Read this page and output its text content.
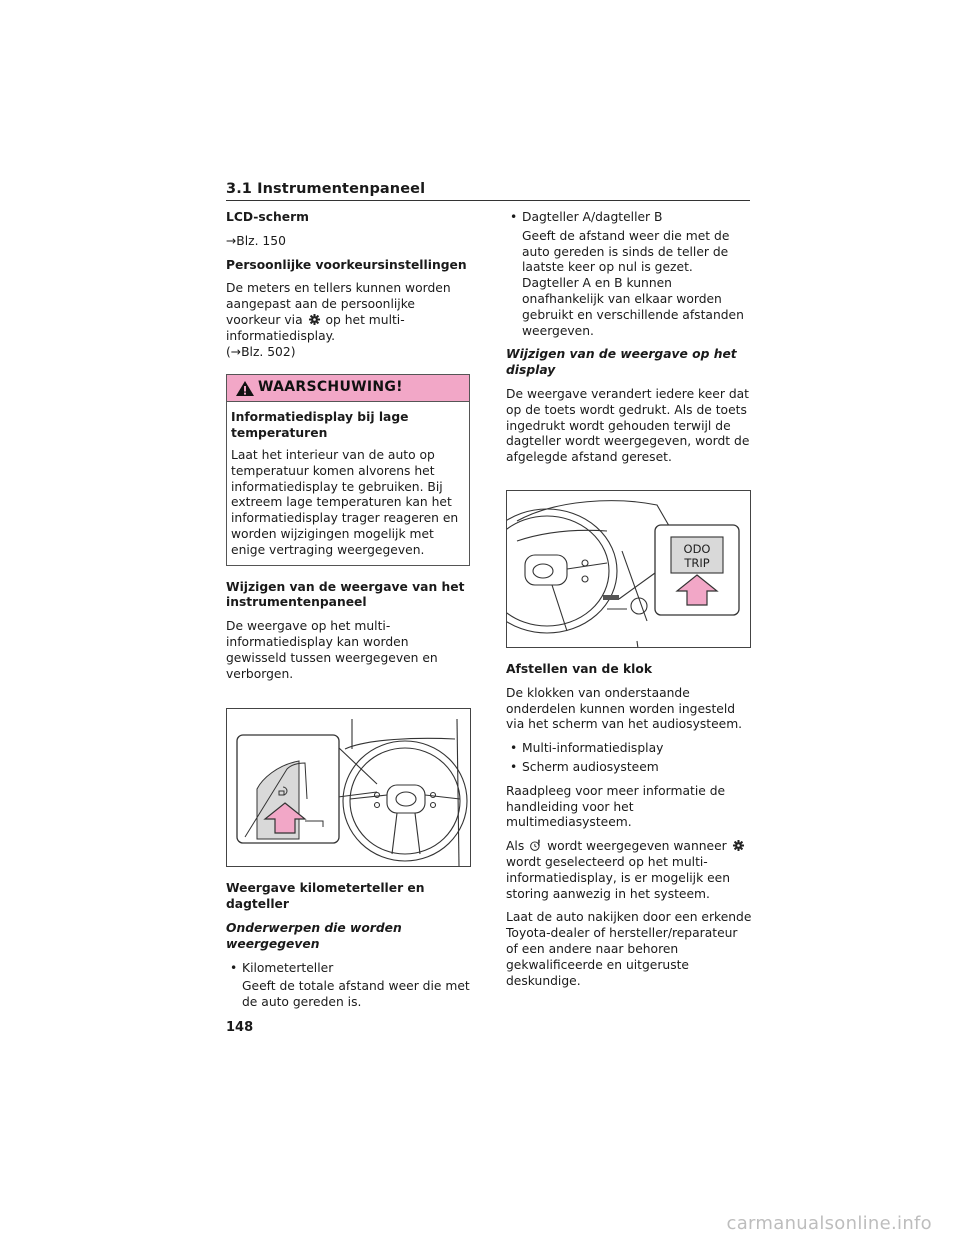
3.1 Instrumentenpaneel
LCD-scherm

→Blz. 150

Persoonlijke voorkeursinstellingen

De meters en tellers kunnen worden aangepast aan de persoonlijke voorkeur via op het multi-informatiedisplay.
(→Blz. 502)

WAARSCHUWING!
Informatiedisplay bij lage temperaturen
Laat het interieur van de auto op temperatuur komen alvorens het informatiedisplay te gebruiken. Bij extreem lage temperaturen kan het informatiedisplay trager reageren en worden wijzigingen mogelijk met enige vertraging weergegeven.
Wijzigen van de weergave van het instrumentenpaneel

De weergave op het multi-informatiedisplay kan worden gewisseld tussen weergegeven en verborgen.

Weergave kilometerteller en dagteller
Onderwerpen die worden weergegeven
• Kilometerteller
Geeft de totale afstand weer die met de auto gereden is.
• Dagteller A/dagteller B
Geeft de afstand weer die met de auto gereden is sinds de teller de laatste keer op nul is gezet. Dagteller A en B kunnen onafhankelijk van elkaar worden gebruikt en verschillende afstanden weergeven.
Wijzigen van de weergave op het display

De weergave verandert iedere keer dat op de toets wordt gedrukt. Als de toets ingedrukt wordt gehouden terwijl de dagteller wordt weergegeven, wordt de afgelegde afstand gereset.

ODO
TRIP
Afstellen van de klok

De klokken van onderstaande onderdelen kunnen worden ingesteld via het scherm van het audiosysteem.

• Multi-informatiedisplay
• Scherm audiosysteem

Raadpleeg voor meer informatie de handleiding voor het multimediasysteem.

Als wordt weergegeven wanneer  wordt geselecteerd op het multi-informatiedisplay, is er mogelijk een storing aanwezig in het systeem.

Laat de auto nakijken door een erkende Toyota-dealer of hersteller/reparateur of een andere naar behoren gekwalificeerde en uitgeruste deskundige.

148
carmanualsonline.info
